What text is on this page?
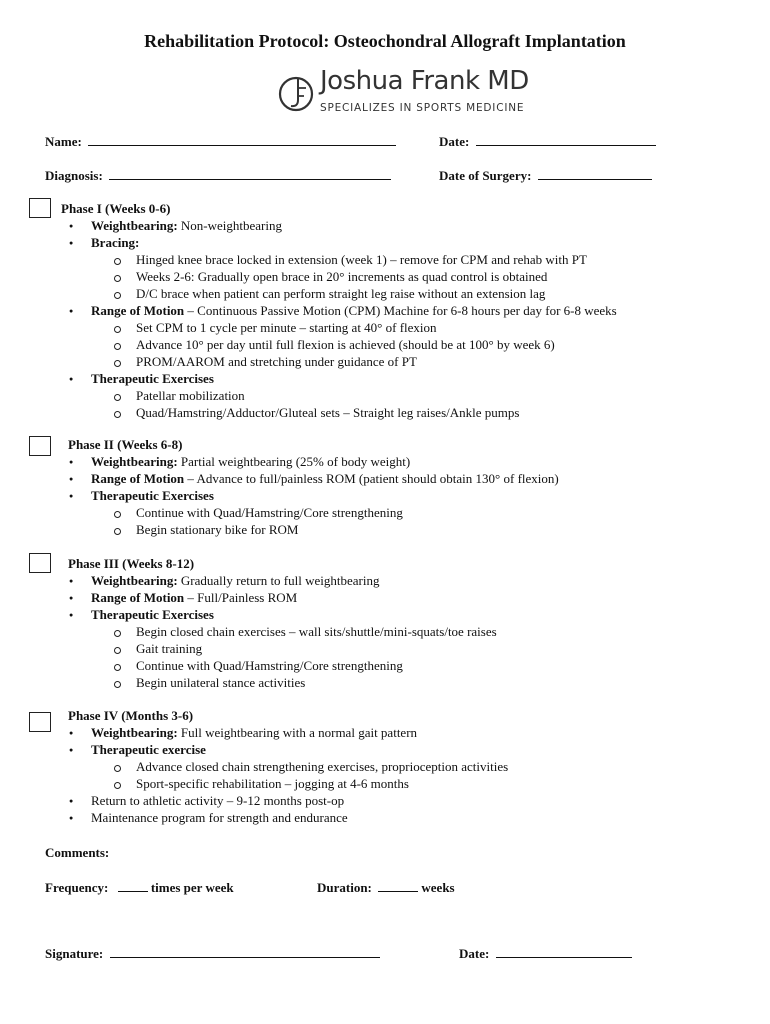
Rehabilitation Protocol: Osteochondral Allograft Implantation
Joshua Frank MD
SPECIALIZES IN SPORTS MEDICINE
Name:	Date:
Diagnosis:	Date of Surgery:
Comments:
Frequency:	times per week	Duration:	weeks
Signature:	Date:
Phase I (Weeks 0-6)
● Weightbearing: Non-weightbearing
● Bracing:
Hinged knee brace locked in extension (week 1) – remove for CPM and rehab with PT
Weeks 2-6: Gradually open brace in 20° increments as quad control is obtained
D/C brace when patient can perform straight leg raise without an extension lag
● Range of Motion – Continuous Passive Motion (CPM) Machine for 6-8 hours per day for 6-8 weeks
Set CPM to 1 cycle per minute – starting at 40° of flexion
Advance 10° per day until full flexion is achieved (should be at 100° by week 6)
PROM/AAROM and stretching under guidance of PT
● Therapeutic Exercises
Patellar mobilization
Quad/Hamstring/Adductor/Gluteal sets – Straight leg raises/Ankle pumps
Phase II (Weeks 6-8)
● Weightbearing: Partial weightbearing (25% of body weight)
● Range of Motion – Advance to full/painless ROM (patient should obtain 130° of flexion)
● Therapeutic Exercises
Continue with Quad/Hamstring/Core strengthening
Begin stationary bike for ROM
Phase III (Weeks 8-12)
● Weightbearing: Gradually return to full weightbearing
● Range of Motion – Full/Painless ROM
● Therapeutic Exercises
Begin closed chain exercises – wall sits/shuttle/mini-squats/toe raises
Gait training
Continue with Quad/Hamstring/Core strengthening
Begin unilateral stance activities
Phase IV (Months 3-6)
● Weightbearing: Full weightbearing with a normal gait pattern
● Therapeutic exercise
Advance closed chain strengthening exercises, proprioception activities
Sport-specific rehabilitation – jogging at 4-6 months
● Return to athletic activity – 9-12 months post-op
● Maintenance program for strength and endurance
